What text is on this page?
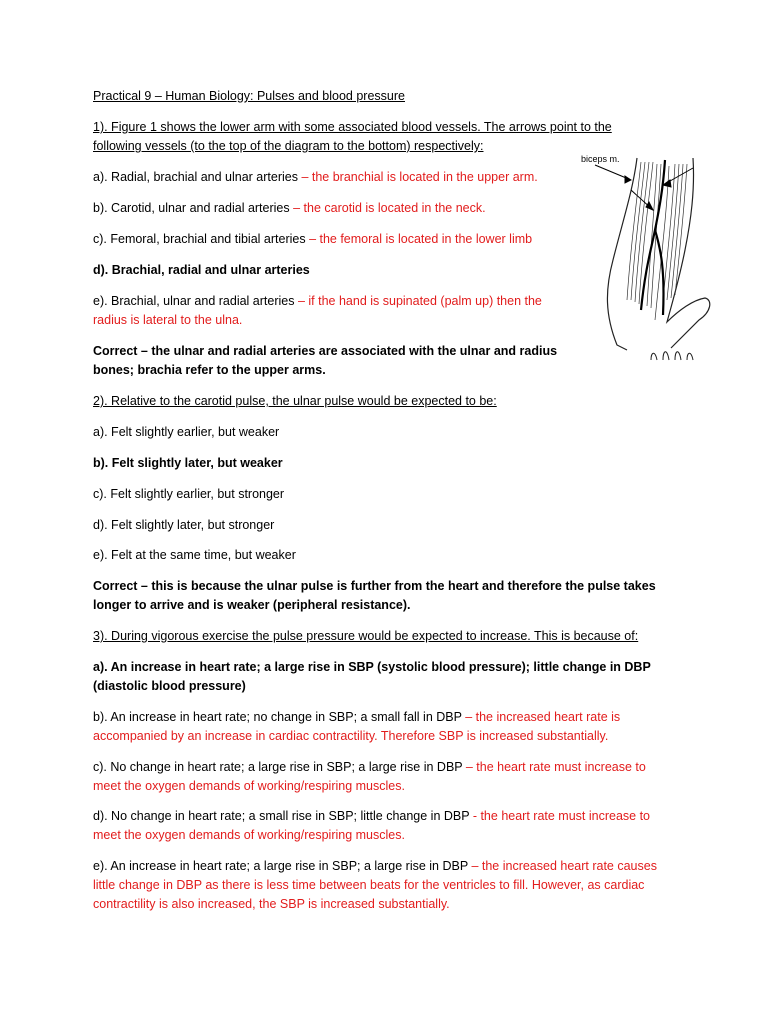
Practical 9 – Human Biology: Pulses and blood pressure
1). Figure 1 shows the lower arm with some associated blood vessels. The arrows point to the
following vessels (to the top of the diagram to the bottom) respectively:
a). Radial, brachial and ulnar arteries – the branchial is located in the upper arm.
b). Carotid, ulnar and radial arteries – the carotid is located in the neck.
c). Femoral, brachial and tibial arteries – the femoral is located in the lower limb
d). Brachial, radial and ulnar arteries
e). Brachial, ulnar and radial arteries – if the hand is supinated (palm up) then the
radius is lateral to the ulna.
Correct – the ulnar and radial arteries are associated with the ulnar and radius
bones; brachia refer to the upper arms.
biceps m.
2). Relative to the carotid pulse, the ulnar pulse would be expected to be:
a). Felt slightly earlier, but weaker
b). Felt slightly later, but weaker
c). Felt slightly earlier, but stronger
d). Felt slightly later, but stronger
e). Felt at the same time, but weaker
Correct – this is because the ulnar pulse is further from the heart and therefore the pulse takes
longer to arrive and is weaker (peripheral resistance).
3). During vigorous exercise the pulse pressure would be expected to increase. This is because of:
a). An increase in heart rate; a large rise in SBP (systolic blood pressure); little change in DBP
(diastolic blood pressure)
b). An increase in heart rate; no change in SBP; a small fall in DBP – the increased heart rate is
accompanied by an increase in cardiac contractility. Therefore SBP is increased substantially.
c). No change in heart rate; a large rise in SBP; a large rise in DBP – the heart rate must increase to
meet the oxygen demands of working/respiring muscles.
d). No change in heart rate; a small rise in SBP; little change in DBP - the heart rate must increase to
meet the oxygen demands of working/respiring muscles.
e). An increase in heart rate; a large rise in SBP; a large rise in DBP – the increased heart rate causes
little change in DBP as there is less time between beats for the ventricles to fill. However, as cardiac
contractility is also increased, the SBP is increased substantially.
